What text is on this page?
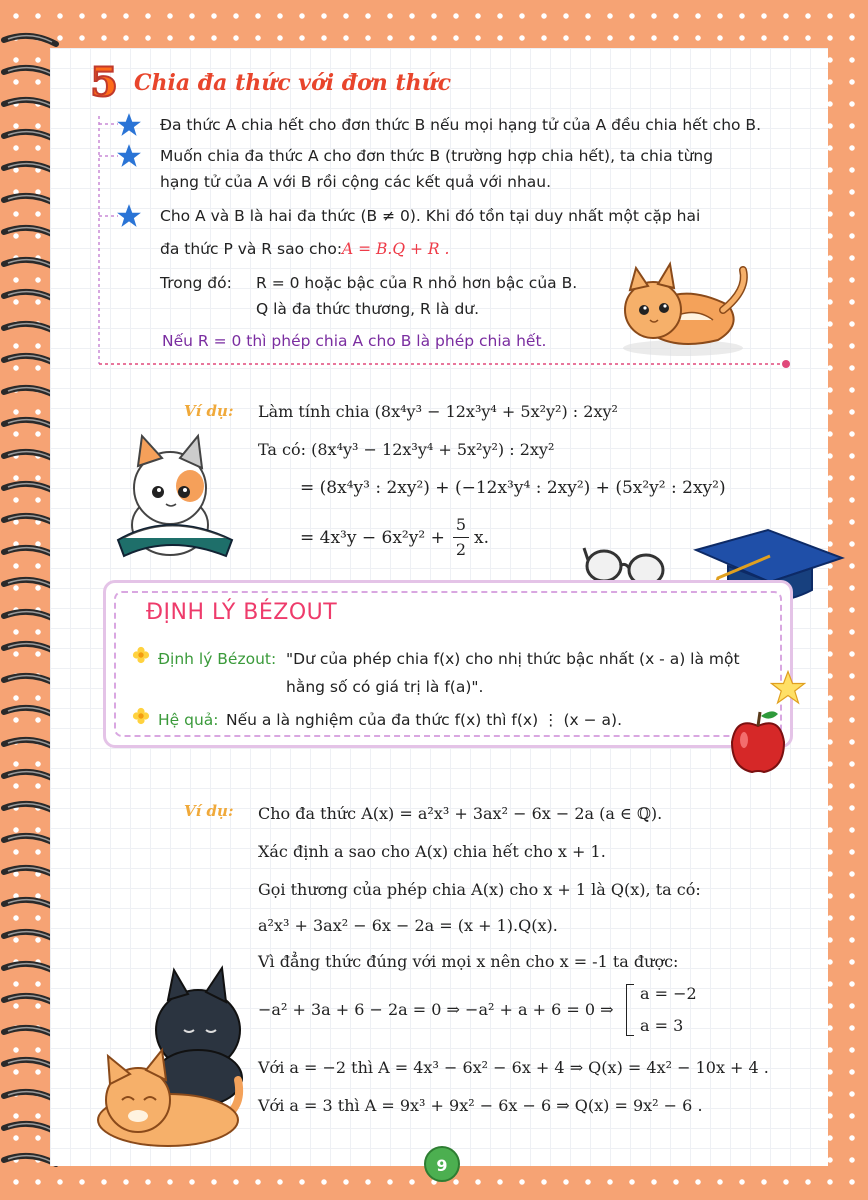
5 Chia đa thức với đơn thức
Đa thức A chia hết cho đơn thức B nếu mọi hạng tử của A đều chia hết cho B.
Muốn chia đa thức A cho đơn thức B (trường hợp chia hết), ta chia từng
hạng tử của A với B rồi cộng các kết quả với nhau.
Cho A và B là hai đa thức (B ≠ 0). Khi đó tồn tại duy nhất một cặp hai
đa thức P và R sao cho: A = B.Q + R .
Trong đó: R = 0 hoặc bậc của R nhỏ hơn bậc của B.
Q là đa thức thương, R là dư.
Nếu R = 0 thì phép chia A cho B là phép chia hết.
Ví dụ: Làm tính chia (8x⁴y³ − 12x³y⁴ + 5x²y²) : 2xy²
Ta có: (8x⁴y³ − 12x³y⁴ + 5x²y²) : 2xy²
= (8x⁴y³ : 2xy²) + (−12x³y⁴ : 2xy²) + (5x²y² : 2xy²)
= 4x³y − 6x²y² +
5
2
x.
ĐỊNH LÝ BÉZOUT
Định lý Bézout: "Dư của phép chia f(x) cho nhị thức bậc nhất (x - a) là một
hằng số có giá trị là f(a)".
Hệ quả: Nếu a là nghiệm của đa thức f(x) thì f(x) ⋮ (x − a).
Ví dụ: Cho đa thức A(x) = a²x³ + 3ax² − 6x − 2a (a ∈ ℚ).
Xác định a sao cho A(x) chia hết cho x + 1.
Gọi thương của phép chia A(x) cho x + 1 là Q(x), ta có:
a²x³ + 3ax² − 6x − 2a = (x + 1).Q(x).
Vì đẳng thức đúng với mọi x nên cho x = -1 ta được:
−a² + 3a + 6 − 2a = 0 ⇒ −a² + a + 6 = 0 ⇒
a = −2
a = 3
Với a = −2 thì A = 4x³ − 6x² − 6x + 4 ⇒ Q(x) = 4x² − 10x + 4 .
Với a = 3 thì A = 9x³ + 9x² − 6x − 6 ⇒ Q(x) = 9x² − 6 .
9
